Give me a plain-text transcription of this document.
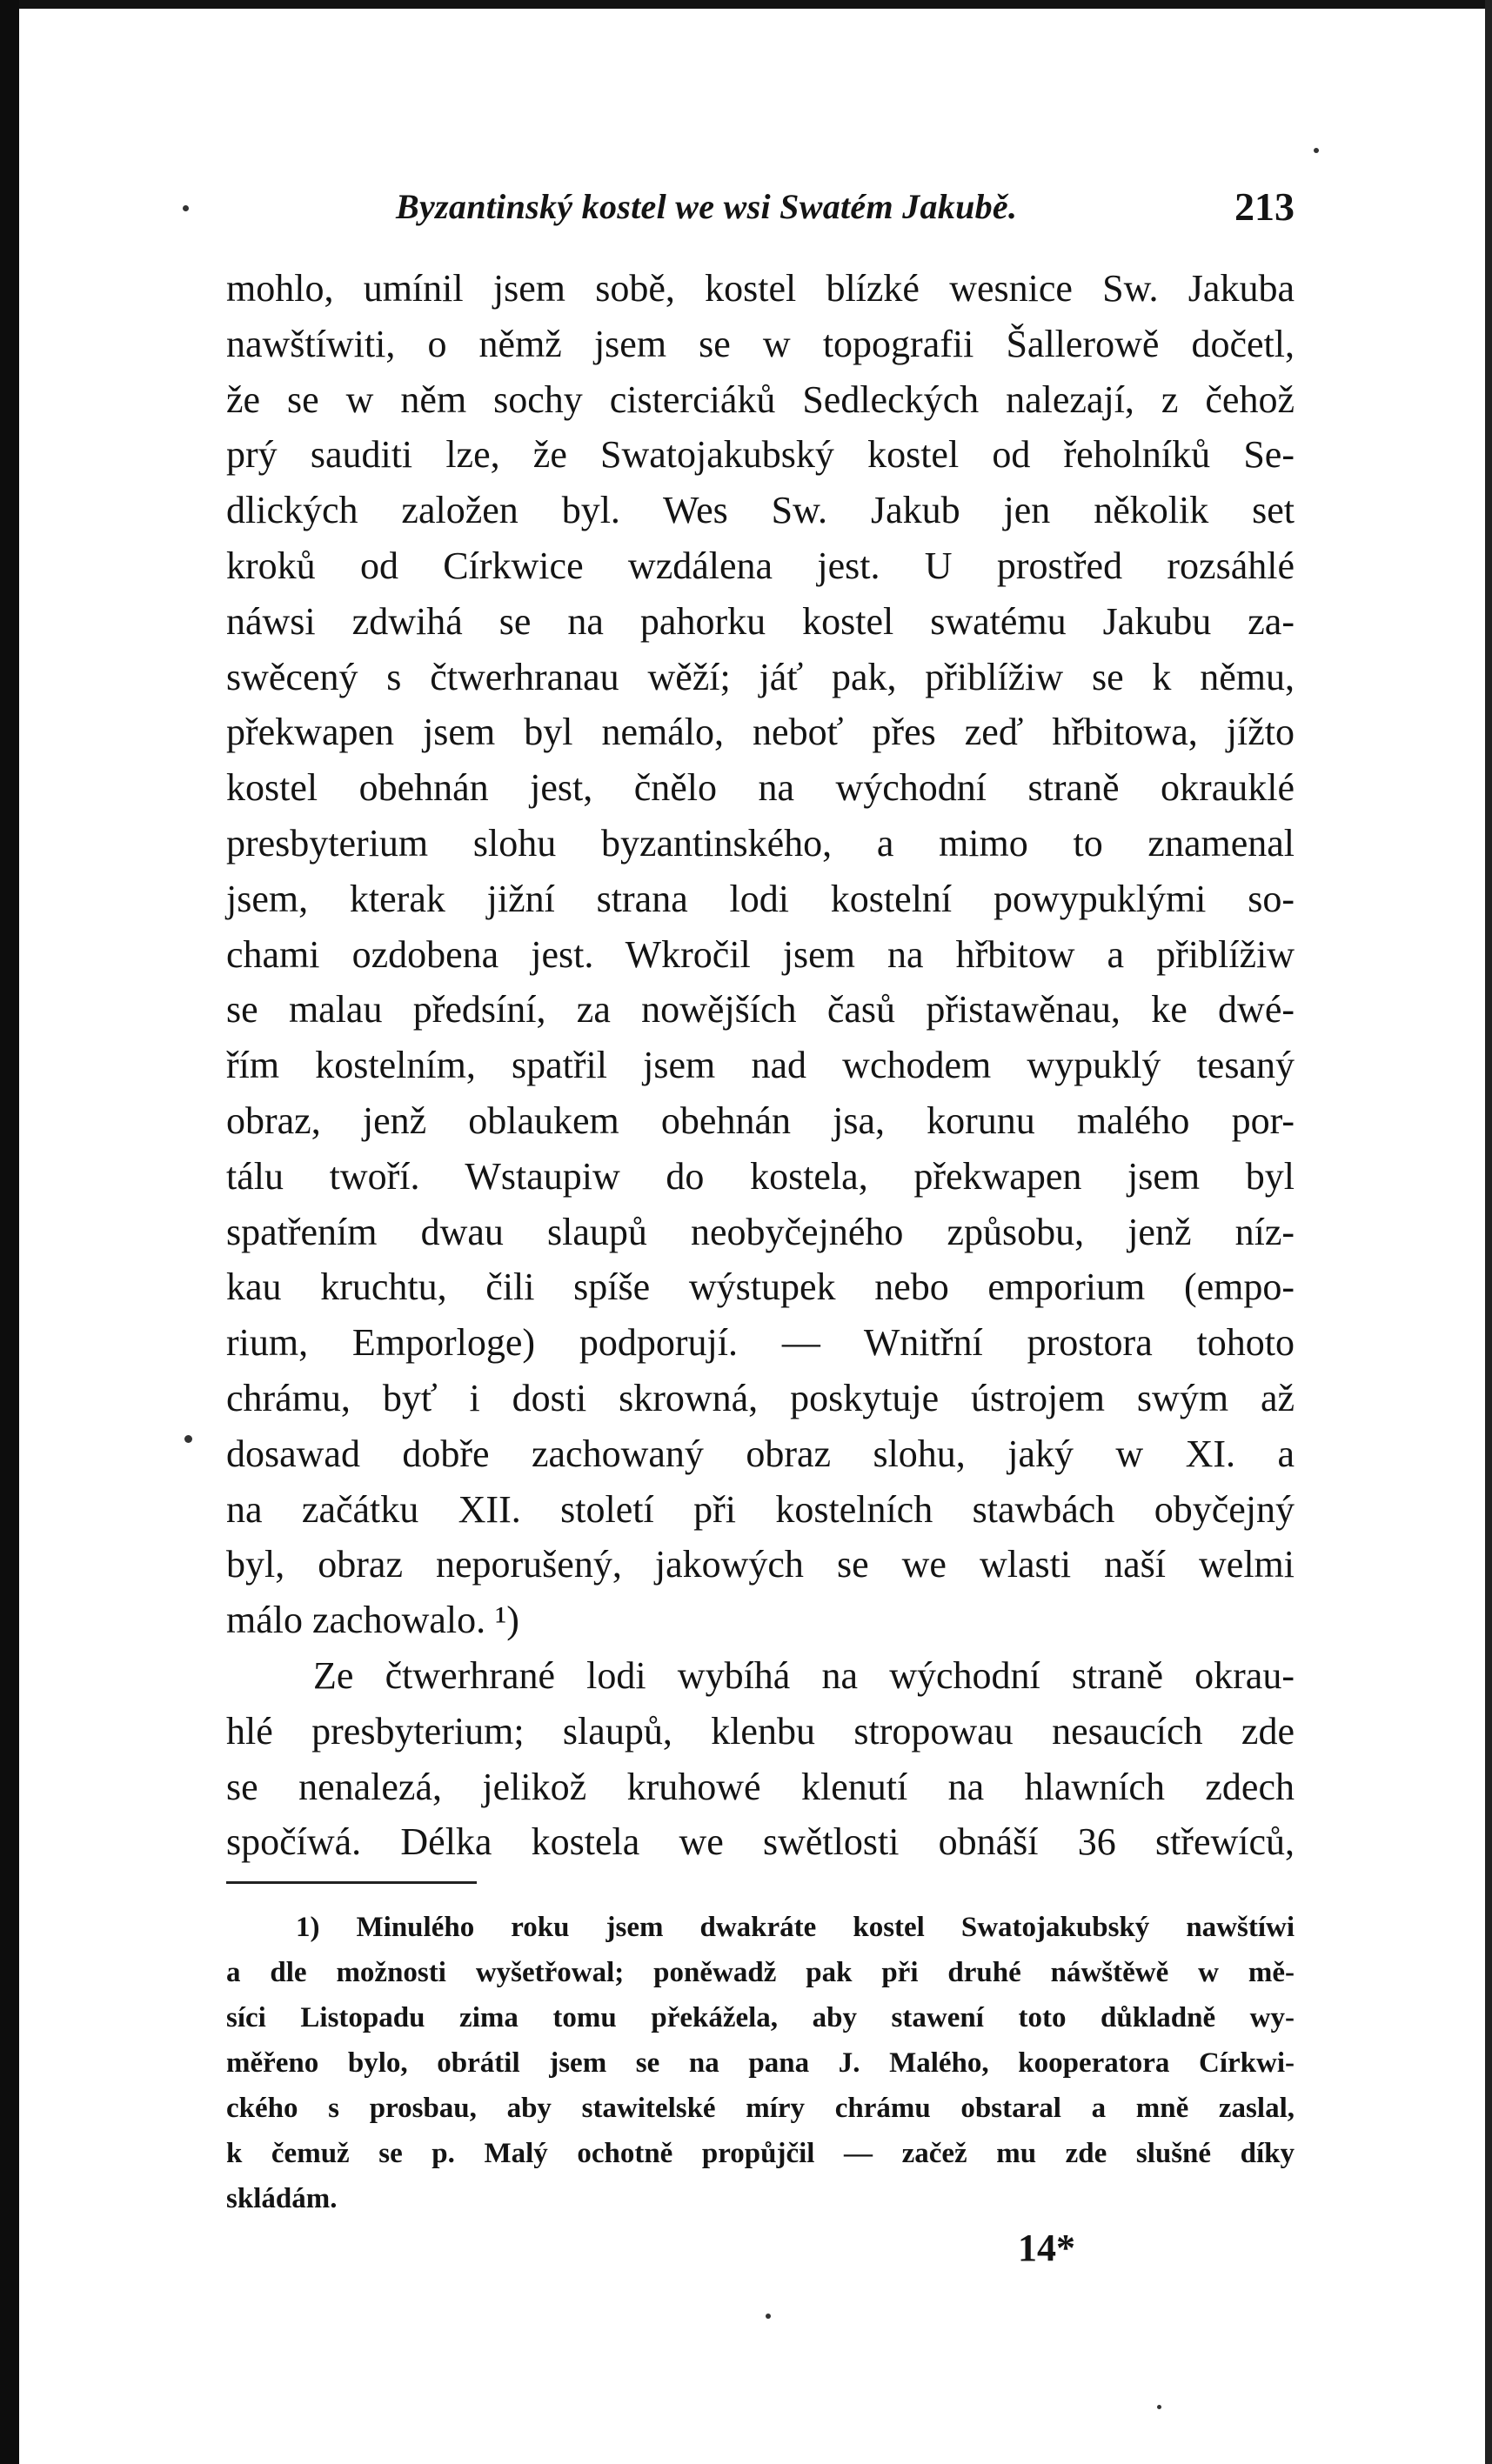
Byzantinský kostel we wsi Swatém Jakubě.	213

mohlo, umínil jsem sobě, kostel blízké wesnice Sw. Jakuba
nawštíwiti, o němž jsem se w topografii Šallerowě dočetl,
že se w něm sochy cisterciáků Sedleckých nalezají, z čehož
prý sauditi lze, že Swatojakubský kostel od řeholníků Se-
dlických založen byl. Wes Sw. Jakub jen několik set
kroků od Církwice wzdálena jest. U prostřed rozsáhlé
náwsi zdwihá se na pahorku kostel swatému Jakubu za-
swěcený s čtwerhranau wěží; jáť pak, přiblížiw se k němu,
překwapen jsem byl nemálo, neboť přes zeď hřbitowa, jížto
kostel obehnán jest, čnělo na wýchodní straně okrauklé
presbyterium slohu byzantinského, a mimo to znamenal
jsem, kterak jižní strana lodi kostelní powypuklými so-
chami ozdobena jest. Wkročil jsem na hřbitow a přiblížiw
se malau předsíní, za nowějších časů přistawěnau, ke dwé-
řím kostelním, spatřil jsem nad wchodem wypuklý tesaný
obraz, jenž oblaukem obehnán jsa, korunu malého por-
tálu twoří. Wstaupiw do kostela, překwapen jsem byl
spatřením dwau slaupů neobyčejného způsobu, jenž níz-
kau kruchtu, čili spíše wýstupek nebo emporium (empo-
rium, Emporloge) podporují. — Wnitřní prostora tohoto
chrámu, byť i dosti skrowná, poskytuje ústrojem swým až
dosawad dobře zachowaný obraz slohu, jaký w XI. a
na začátku XII. století při kostelních stawbách obyčejný
byl, obraz neporušený, jakowých se we wlasti naší welmi
málo zachowalo. ¹)

Ze čtwerhrané lodi wybíhá na wýchodní straně okrau-
hlé presbyterium; slaupů, klenbu stropowau nesaucích zde
se nenalezá, jelikož kruhowé klenutí na hlawních zdech
spočíwá. Délka kostela we swětlosti obnáší 36 střewíců,

1) Minulého roku jsem dwakráte kostel Swatojakubský nawštíwi
a dle možnosti wyšetřowal; poněwadž pak při druhé náwštěwě w mě-
síci Listopadu zima tomu překážela, aby stawení toto důkladně wy-
měřeno bylo, obrátil jsem se na pana J. Malého, kooperatora Církwi-
ckého s prosbau, aby stawitelské míry chrámu obstaral a mně zaslal,
k čemuž se p. Malý ochotně propůjčil — začež mu zde slušné díky
skládám.
14*
